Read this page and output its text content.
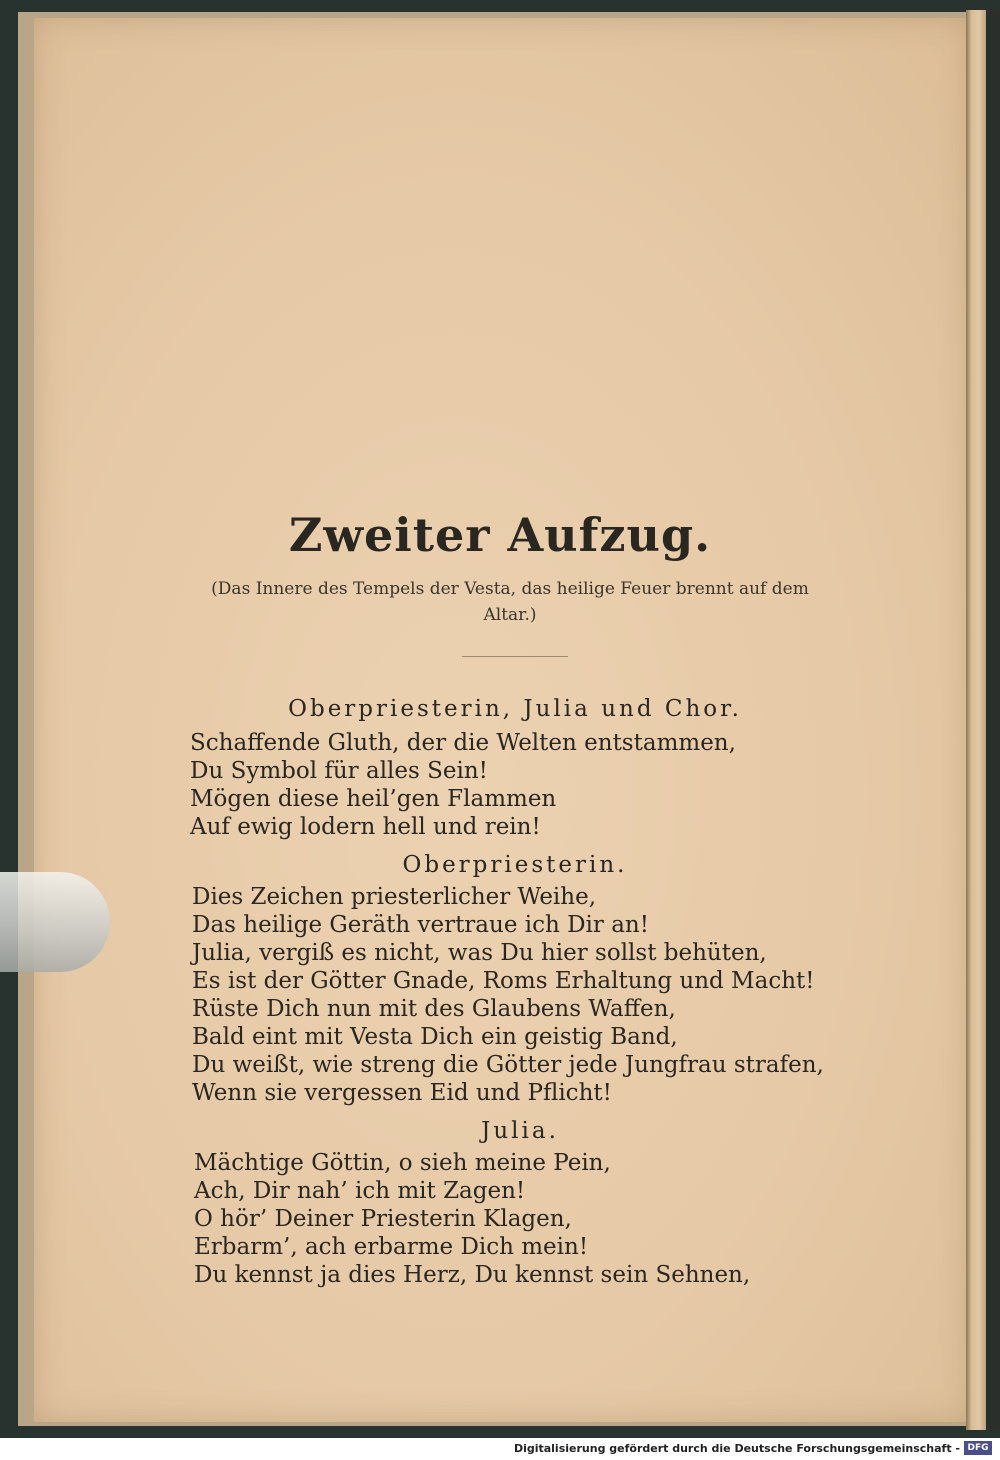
Zweiter Aufzug.
(Das Innere des Tempels der Vesta, das heilige Feuer brennt auf dem Altar.)
Oberpriesterin, Julia und Chor.
Schaffende Gluth, der die Welten entstammen,
Du Symbol für alles Sein!
Mögen diese heil’gen Flammen
Auf ewig lodern hell und rein!
Oberpriesterin.
Dies Zeichen priesterlicher Weihe,
Das heilige Geräth vertraue ich Dir an!
Julia, vergiß es nicht, was Du hier sollst behüten,
Es ist der Götter Gnade, Roms Erhaltung und Macht!
Rüste Dich nun mit des Glaubens Waffen,
Bald eint mit Vesta Dich ein geistig Band,
Du weißt, wie streng die Götter jede Jungfrau strafen,
Wenn sie vergessen Eid und Pflicht!
Julia.
Mächtige Göttin, o sieh meine Pein,
Ach, Dir nah’ ich mit Zagen!
O hör’ Deiner Priesterin Klagen,
Erbarm’, ach erbarme Dich mein!
Du kennst ja dies Herz, Du kennst sein Sehnen,
Digitalisierung gefördert durch die Deutsche Forschungsgemeinschaft - DFG
